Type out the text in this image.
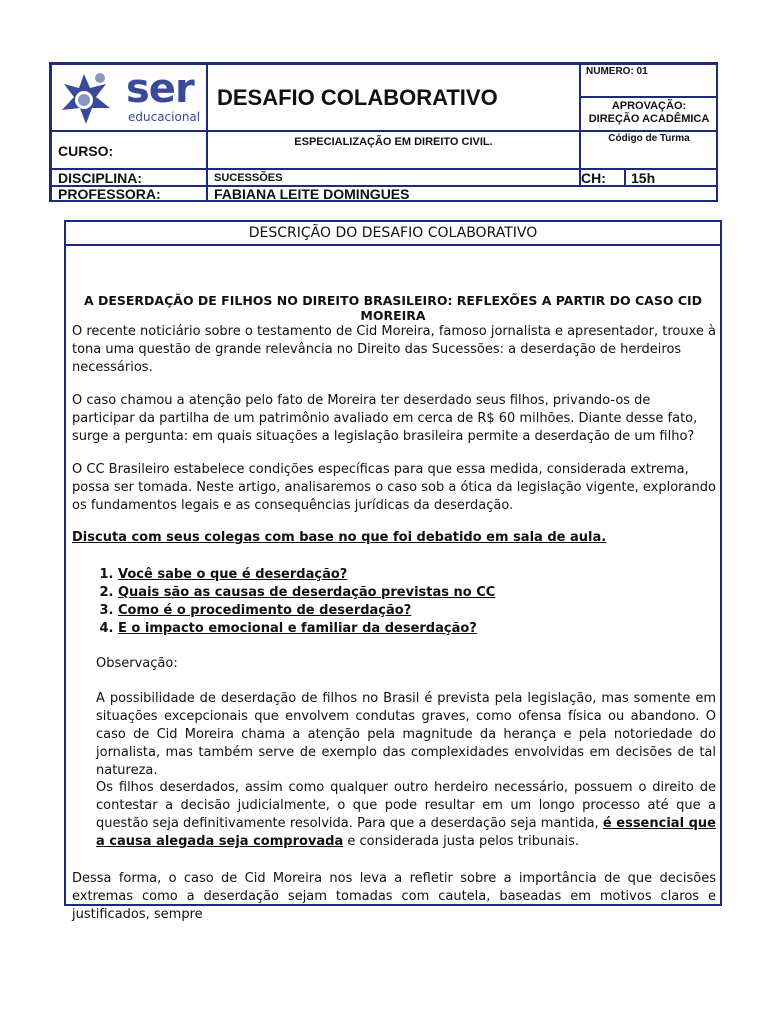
ser
educacional
DESAFIO COLABORATIVO
NUMERO: 01
APROVAÇÃO:
DIREÇÃO ACADÊMICA
CURSO:
ESPECIALIZAÇÃO EM DIREITO CIVIL.	Código de Turma
DISCIPLINA:	SUCESSÕES	CH: 15h
PROFESSORA:	FABIANA LEITE DOMINGUES
DESCRIÇÃO DO DESAFIO COLABORATIVO
A DESERDAÇÃO DE FILHOS NO DIREITO BRASILEIRO: REFLEXÕES A PARTIR DO CASO CID MOREIRA
O recente noticiário sobre o testamento de Cid Moreira, famoso jornalista e apresentador, trouxe à tona uma questão de grande relevância no Direito das Sucessões: a deserdação de herdeiros necessários.
O caso chamou a atenção pelo fato de Moreira ter deserdado seus filhos, privando-os de participar da partilha de um patrimônio avaliado em cerca de R$ 60 milhões. Diante desse fato, surge a pergunta: em quais situações a legislação brasileira permite a deserdação de um filho?
O CC Brasileiro estabelece condições específicas para que essa medida, considerada extrema, possa ser tomada. Neste artigo, analisaremos o caso sob a ótica da legislação vigente, explorando os fundamentos legais e as consequências jurídicas da deserdação.
Discuta com seus colegas com base no que foi debatido em sala de aula.
1. Você sabe o que é deserdação?
2. Quais são as causas de deserdação previstas no CC
3. Como é o procedimento de deserdação?
4. E o impacto emocional e familiar da deserdação?
Observação:
A possibilidade de deserdação de filhos no Brasil é prevista pela legislação, mas somente em situações excepcionais que envolvem condutas graves, como ofensa física ou abandono. O caso de Cid Moreira chama a atenção pela magnitude da herança e pela notoriedade do jornalista, mas também serve de exemplo das complexidades envolvidas em decisões de tal natureza.
Os filhos deserdados, assim como qualquer outro herdeiro necessário, possuem o direito de contestar a decisão judicialmente, o que pode resultar em um longo processo até que a questão seja definitivamente resolvida. Para que a deserdação seja mantida, é essencial que a causa alegada seja comprovada e considerada justa pelos tribunais.
Dessa forma, o caso de Cid Moreira nos leva a refletir sobre a importância de que decisões extremas como a deserdação sejam tomadas com cautela, baseadas em motivos claros e justificados, sempre
